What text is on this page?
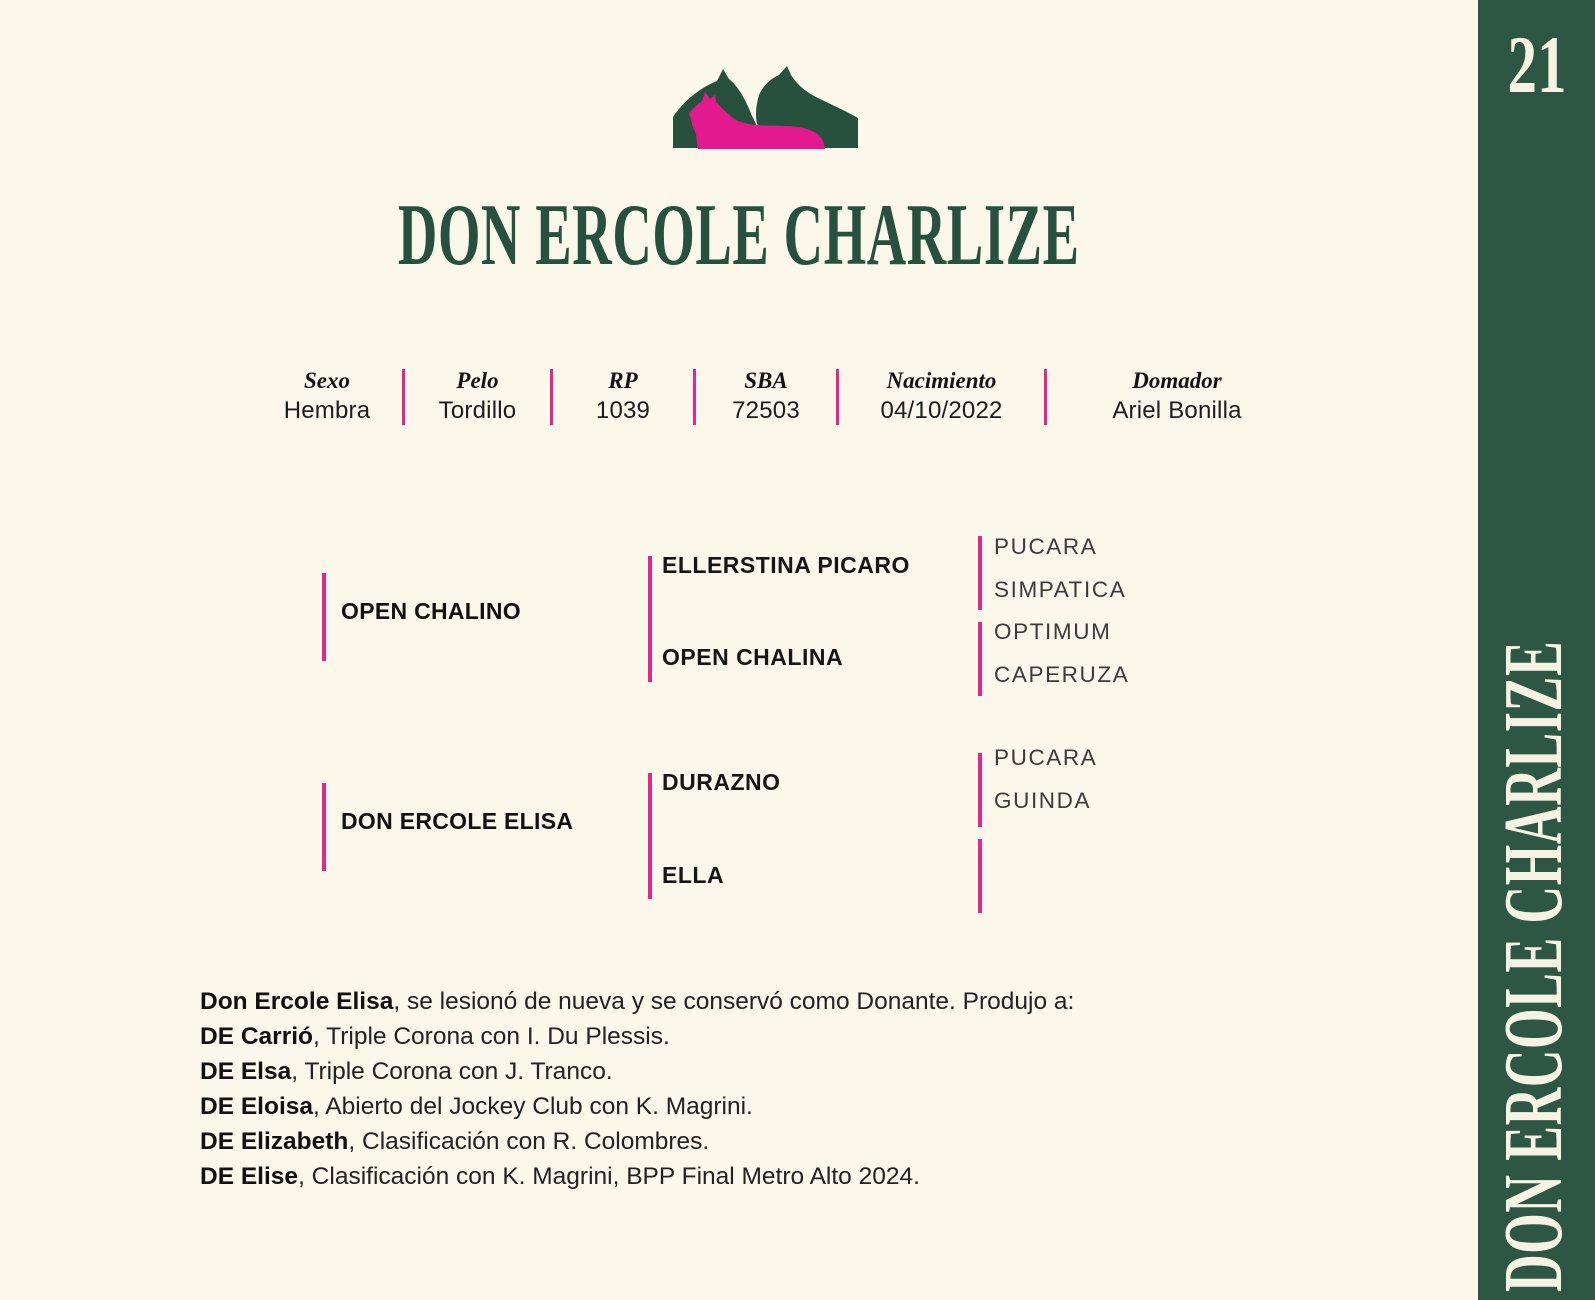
DON ERCOLE CHARLIZE
Sexo
Hembra
Pelo
Tordillo
RP
1039
SBA
72503
Nacimiento
04/10/2022
Domador
Ariel Bonilla
OPEN CHALINO
DON ERCOLE ELISA
ELLERSTINA PICARO
OPEN CHALINA
DURAZNO
ELLA
PUCARA
SIMPATICA
OPTIMUM
CAPERUZA
PUCARA
GUINDA
Don Ercole Elisa, se lesionó de nueva y se conservó como Donante. Produjo a:
DE Carrió, Triple Corona con I. Du Plessis.
DE Elsa, Triple Corona con J. Tranco.
DE Eloisa, Abierto del Jockey Club con K. Magrini.
DE Elizabeth, Clasificación con R. Colombres.
DE Elise, Clasificación con K. Magrini, BPP Final Metro Alto 2024.
21
DON ERCOLE CHARLIZE
